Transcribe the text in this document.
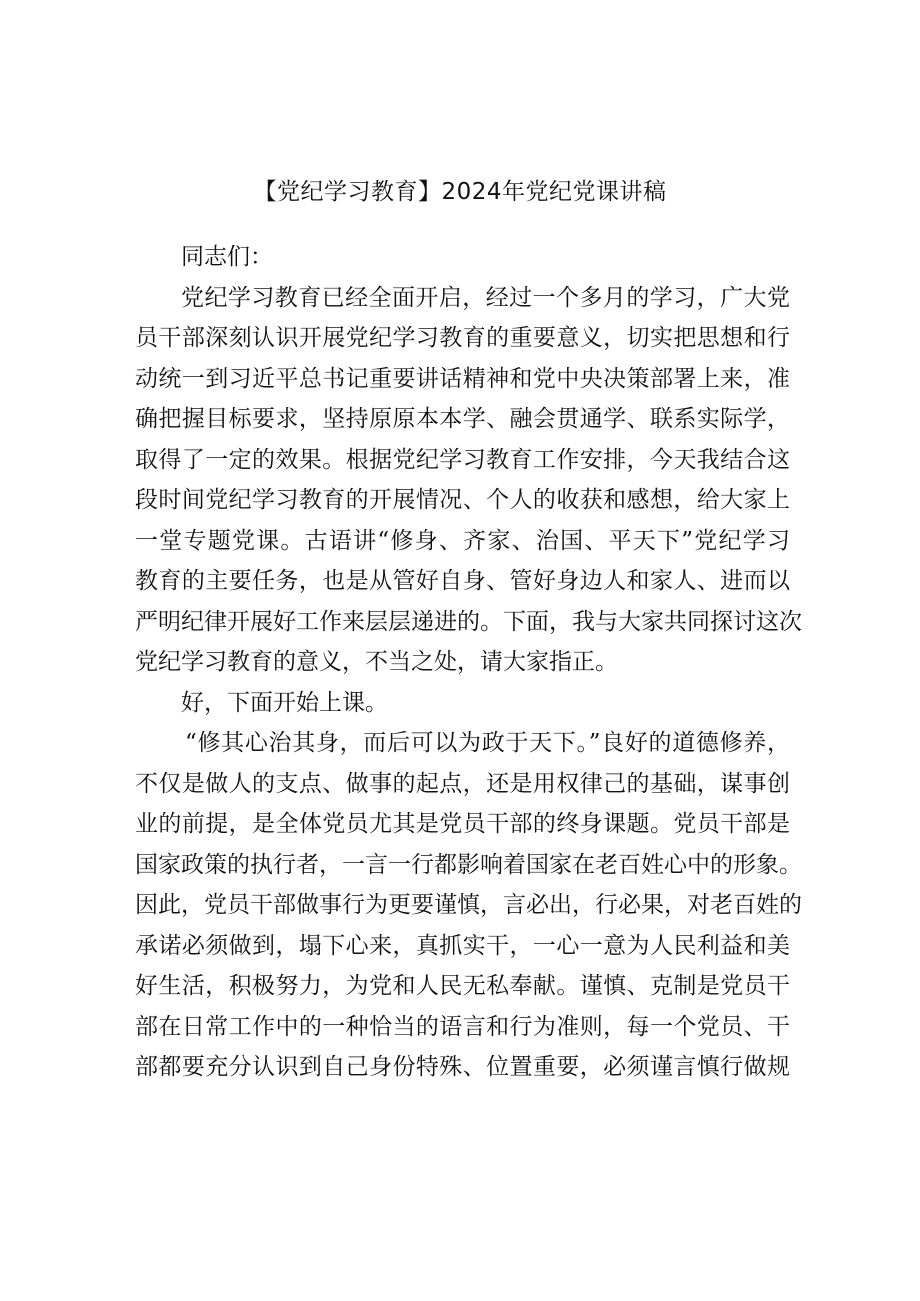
【党纪学习教育】2024年党纪党课讲稿
同志们：
党纪学习教育已经全面开启，经过一个多月的学习，广大党
员干部深刻认识开展党纪学习教育的重要意义，切实把思想和行
动统一到习近平总书记重要讲话精神和党中央决策部署上来，准
确把握目标要求，坚持原原本本学、融会贯通学、联系实际学，
取得了一定的效果。根据党纪学习教育工作安排，今天我结合这
段时间党纪学习教育的开展情况、个人的收获和感想，给大家上
一堂专题党课。古语讲“修身、齐家、治国、平天下”党纪学习
教育的主要任务，也是从管好自身、管好身边人和家人、进而以
严明纪律开展好工作来层层递进的。下面，我与大家共同探讨这次
党纪学习教育的意义，不当之处，请大家指正。
好，下面开始上课。
“修其心治其身，而后可以为政于天下。”良好的道德修养，
不仅是做人的支点、做事的起点，还是用权律己的基础，谋事创
业的前提，是全体党员尤其是党员干部的终身课题。党员干部是
国家政策的执行者，一言一行都影响着国家在老百姓心中的形象。
因此，党员干部做事行为更要谨慎，言必出，行必果，对老百姓的
承诺必须做到，塌下心来，真抓实干，一心一意为人民利益和美
好生活，积极努力，为党和人民无私奉献。谨慎、克制是党员干
部在日常工作中的一种恰当的语言和行为准则，每一个党员、干
部都要充分认识到自己身份特殊、位置重要，必须谨言慎行做规
